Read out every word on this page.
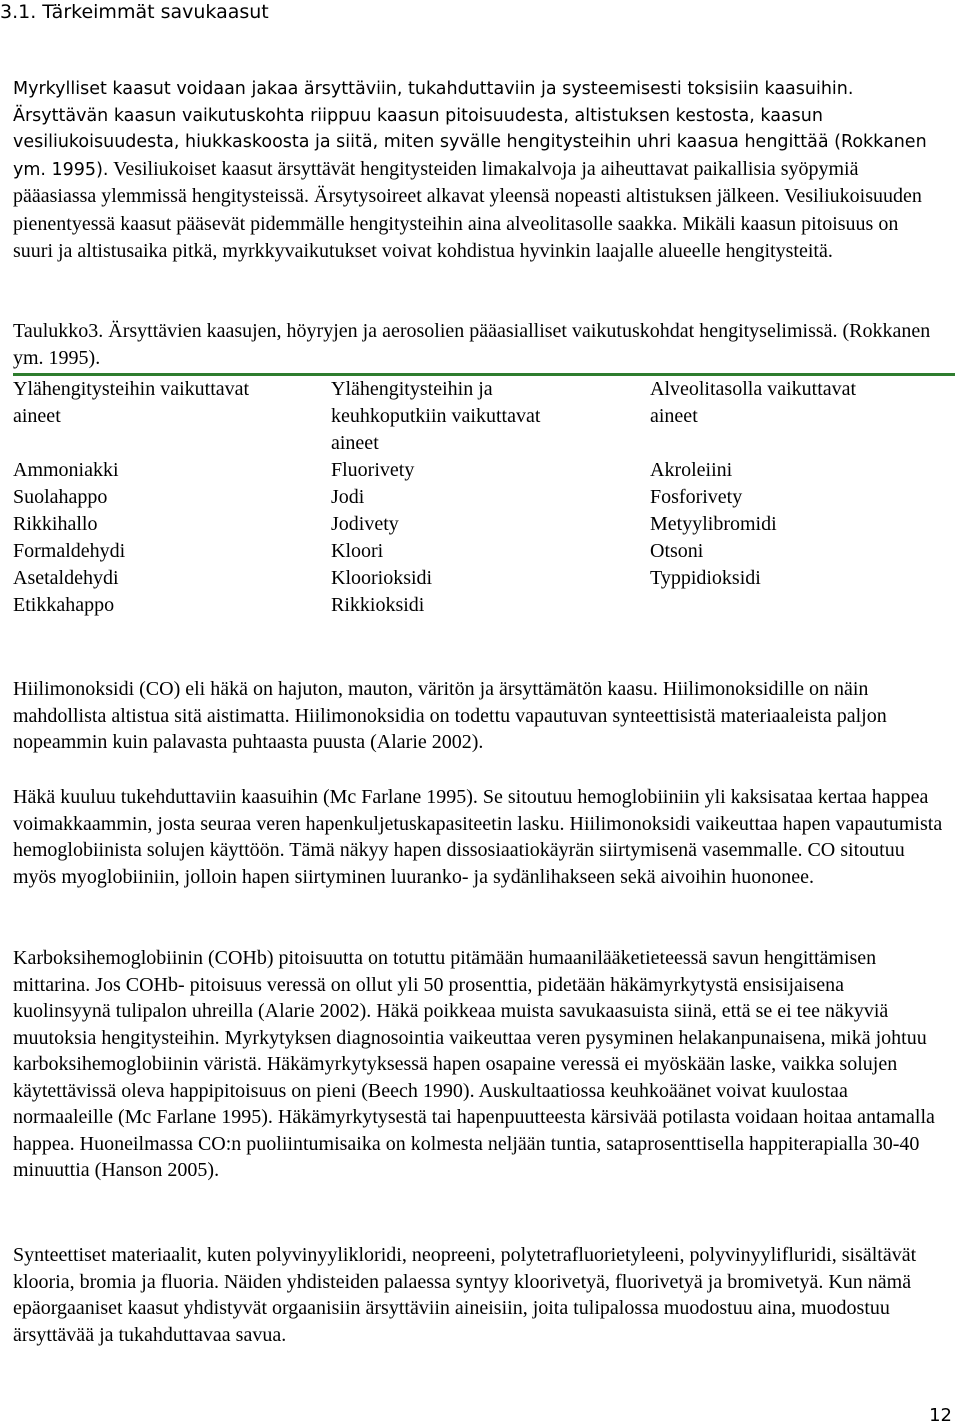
3.1. Tärkeimmät savukaasut

Myrkylliset kaasut voidaan jakaa ärsyttäviin, tukahduttaviin ja systeemisesti toksisiin kaasuihin. Ärsyttävän kaasun vaikutuskohta riippuu kaasun pitoisuudesta, altistuksen kestosta, kaasun vesiliukoisuudesta, hiukkaskoosta ja siitä, miten syvälle hengitysteihin uhri kaasua hengittää (Rokkanen ym. 1995). Vesiliukoiset kaasut ärsyttävät hengitysteiden limakalvoja ja aiheuttavat paikallisia syöpymiä pääasiassa ylemmissä hengitysteissä. Ärsytysoireet alkavat yleensä nopeasti altistuksen jälkeen. Vesiliukoisuuden pienentyessä kaasut pääsevät pidemmälle hengitysteihin aina alveolitasolle saakka. Mikäli kaasun pitoisuus on suuri ja altistusaika pitkä, myrkkyvaikutukset voivat kohdistua hyvinkin laajalle alueelle hengitysteitä.

Taulukko3. Ärsyttävien kaasujen, höyryjen ja aerosolien pääasialliset vaikutuskohdat hengityselimissä. (Rokkanen ym. 1995).

Ylähengitysteihin vaikuttavat
aineet
Ammoniakki
Suolahappo
Rikkihallo
Formaldehydi
Asetaldehydi
Etikkahappo
Ylähengitysteihin ja
keuhkoputkiin vaikuttavat
aineet
Fluorivety
Jodi
Jodivety
Kloori
Kloorioksidi
Rikkioksidi
Alveolitasolla vaikuttavat
aineet
Akroleiini
Fosforivety
Metyylibromidi
Otsoni
Typpidioksidi

Hiilimonoksidi (CO) eli häkä on hajuton, mauton, väritön ja ärsyttämätön kaasu. Hiilimonoksidille on näin mahdollista altistua sitä aistimatta. Hiilimonoksidia on todettu vapautuvan synteettisistä materiaaleista paljon nopeammin kuin palavasta puhtaasta puusta (Alarie 2002).

Häkä kuuluu tukehduttaviin kaasuihin (Mc Farlane 1995). Se sitoutuu hemoglobiiniin yli kaksisataa kertaa happea voimakkaammin, josta seuraa veren hapenkuljetuskapasiteetin lasku. Hiilimonoksidi vaikeuttaa hapen vapautumista hemoglobiinista solujen käyttöön. Tämä näkyy hapen dissosiaatiokäyrän siirtymisenä vasemmalle. CO sitoutuu myös myoglobiiniin, jolloin hapen siirtyminen luuranko- ja sydänlihakseen sekä aivoihin huononee.

Karboksihemoglobiinin (COHb) pitoisuutta on totuttu pitämään humaanilääketieteessä savun hengittämisen mittarina. Jos COHb- pitoisuus veressä on ollut yli 50 prosenttia, pidetään häkämyrkytystä ensisijaisena kuolinsyynä tulipalon uhreilla (Alarie 2002). Häkä poikkeaa muista savukaasuista siinä, että se ei tee näkyviä muutoksia hengitysteihin. Myrkytyksen diagnosointia vaikeuttaa veren pysyminen helakanpunaisena, mikä johtuu karboksihemoglobiinin väristä. Häkämyrkytyksessä hapen osapaine veressä ei myöskään laske, vaikka solujen käytettävissä oleva happipitoisuus on pieni (Beech 1990). Auskultaatiossa keuhkoäänet voivat kuulostaa normaaleille (Mc Farlane 1995). Häkämyrkytysestä tai hapenpuutteesta kärsivää potilasta voidaan hoitaa antamalla happea. Huoneilmassa CO:n puoliintumisaika on kolmesta neljään tuntia, sataprosenttisella happiterapialla 30-40 minuuttia (Hanson 2005).

Synteettiset materiaalit, kuten polyvinyylikloridi, neopreeni, polytetrafluorietyleeni, polyvinyylifluridi, sisältävät klooria, bromia ja fluoria. Näiden yhdisteiden palaessa syntyy kloorivetyä, fluorivetyä ja bromivetyä. Kun nämä epäorgaaniset kaasut yhdistyvät orgaanisiin ärsyttäviin aineisiin, joita tulipalossa muodostuu aina, muodostuu ärsyttävää ja tukahduttavaa savua.

12
